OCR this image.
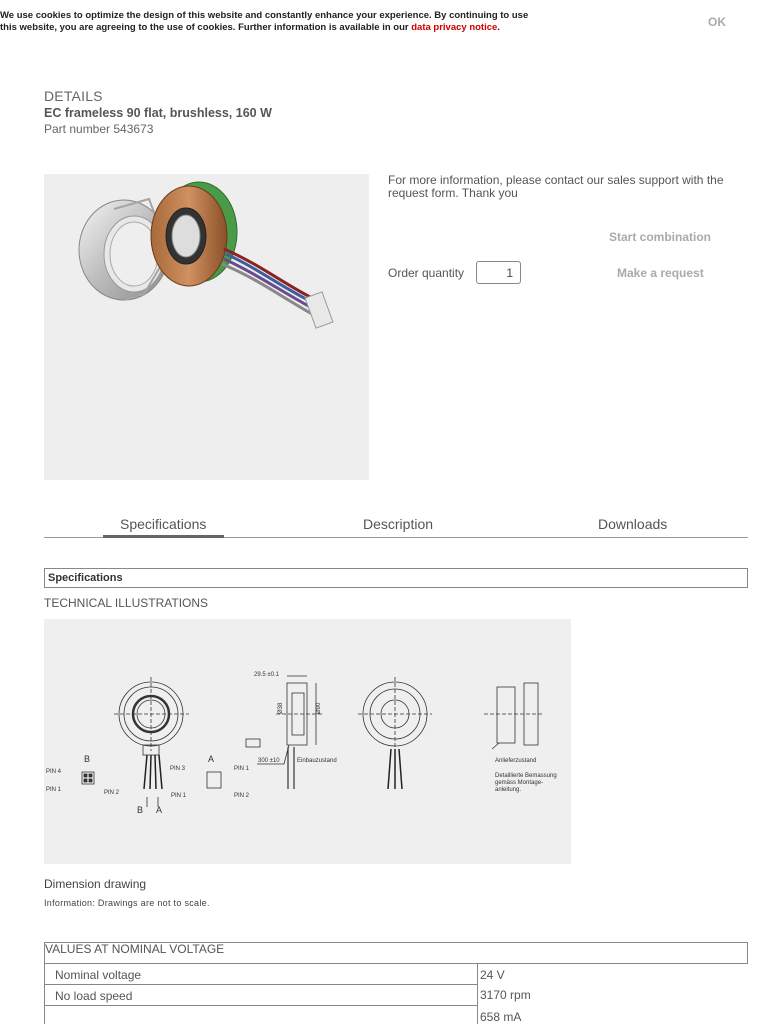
We use cookies to optimize the design of this website and constantly enhance your experience. By continuing to use this website, you are agreeing to the use of cookies. Further information is available in our data privacy notice.	OK
DETAILS
EC frameless 90 flat, brushless, 160 W
Part number 543673
For more information, please contact our sales support with the request form. Thank you
Start combination
Order quantity
1	Make a request
Specifications	Description	Downloads
Specifications
TECHNICAL ILLUSTRATIONS
29.5 ±0.1
300 ±10
Ø38	Ø90
Einbauzustand	Anlieferzustand
Detaillierte Bemassung
gemäss Montage-
anleitung.
PIN 4
PIN 1	PIN 2
PIN 3
PIN 1
PIN 1
PIN 2
B	A
B A
Dimension drawing
Information: Drawings are not to scale.
VALUES AT NOMINAL VOLTAGE
Nominal voltage	24 V
No load speed	3170 rpm
658 mA
